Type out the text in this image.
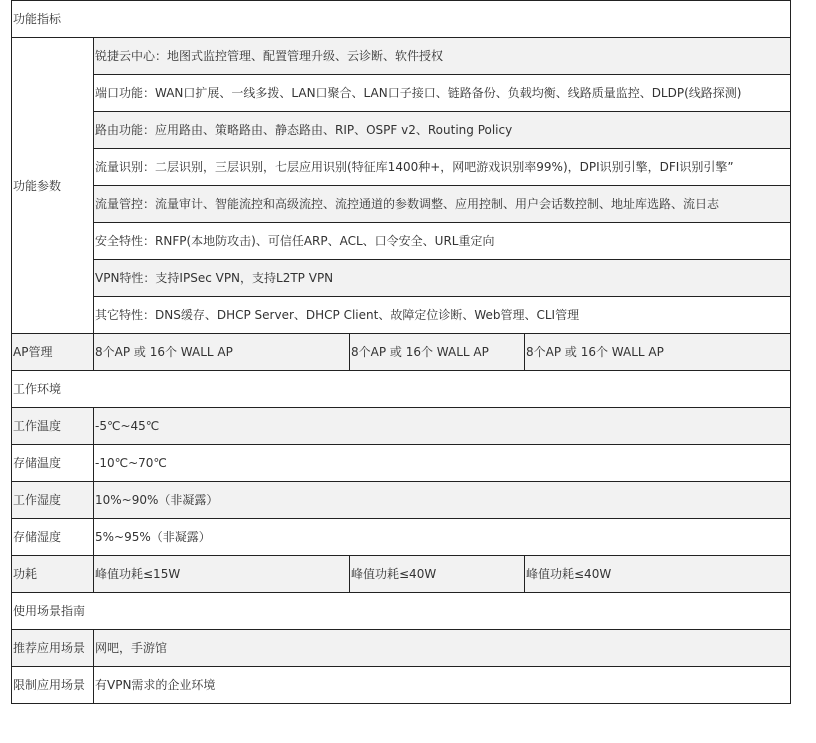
功能指标			
功能参数	锐捷云中心：地图式监控管理、配置管理升级、云诊断、软件授权		
	端口功能：WAN口扩展、一线多拨、LAN口聚合、LAN口子接口、链路备份、负载均衡、线路质量监控、DLDP(线路探测)		
	路由功能：应用路由、策略路由、静态路由、RIP、OSPF v2、Routing Policy		
	流量识别：二层识别，三层识别，七层应用识别(特征库1400种+，网吧游戏识别率99%)，DPI识别引擎，DFI识别引擎”		
	流量管控：流量审计、智能流控和高级流控、流控通道的参数调整、应用控制、用户会话数控制、地址库选路、流日志		
	安全特性：RNFP(本地防攻击)、可信任ARP、ACL、口令安全、URL重定向		
	VPN特性：支持IPSec VPN，支持L2TP VPN		
	其它特性：DNS缓存、DHCP Server、DHCP Client、故障定位诊断、Web管理、CLI管理		
AP管理	8个AP 或 16个 WALL AP	8个AP 或 16个 WALL AP	8个AP 或 16个 WALL AP
工作环境			
工作温度	-5℃~45℃		
存储温度	-10℃~70℃		
工作湿度	10%~90%（非凝露）		
存储湿度	5%~95%（非凝露）		
功耗	峰值功耗≤15W	峰值功耗≤40W	峰值功耗≤40W
使用场景指南			
推荐应用场景	网吧，手游馆		
限制应用场景	有VPN需求的企业环境		
